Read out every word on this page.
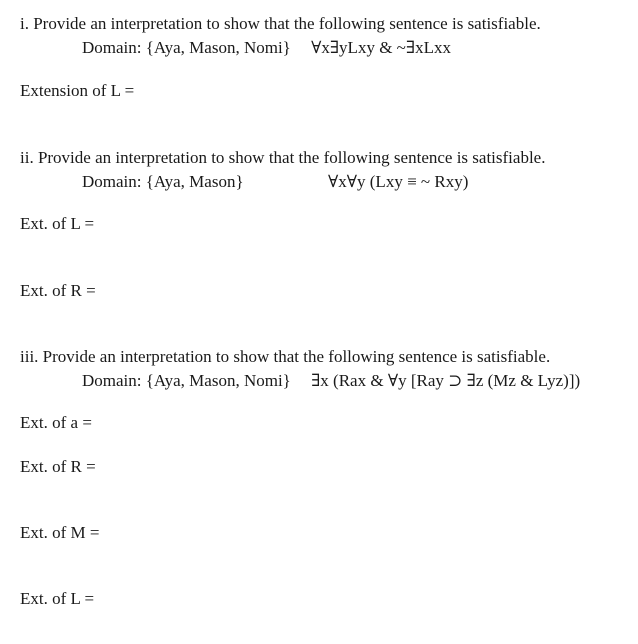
i. Provide an interpretation to show that the following sentence is satisfiable.
Domain: {Aya, Mason, Nomi} ∀x∃yLxy & ~∃xLxx
Extension of L =
ii. Provide an interpretation to show that the following sentence is satisfiable.
Domain: {Aya, Mason}	∀x∀y (Lxy ≡ ~ Rxy)
Ext. of L =
Ext. of R =
iii. Provide an interpretation to show that the following sentence is satisfiable.
Domain: {Aya, Mason, Nomi} ∃x (Rax & ∀y [Ray ⊃ ∃z (Mz & Lyz)])
Ext. of a =
Ext. of R =
Ext. of M =
Ext. of L =
